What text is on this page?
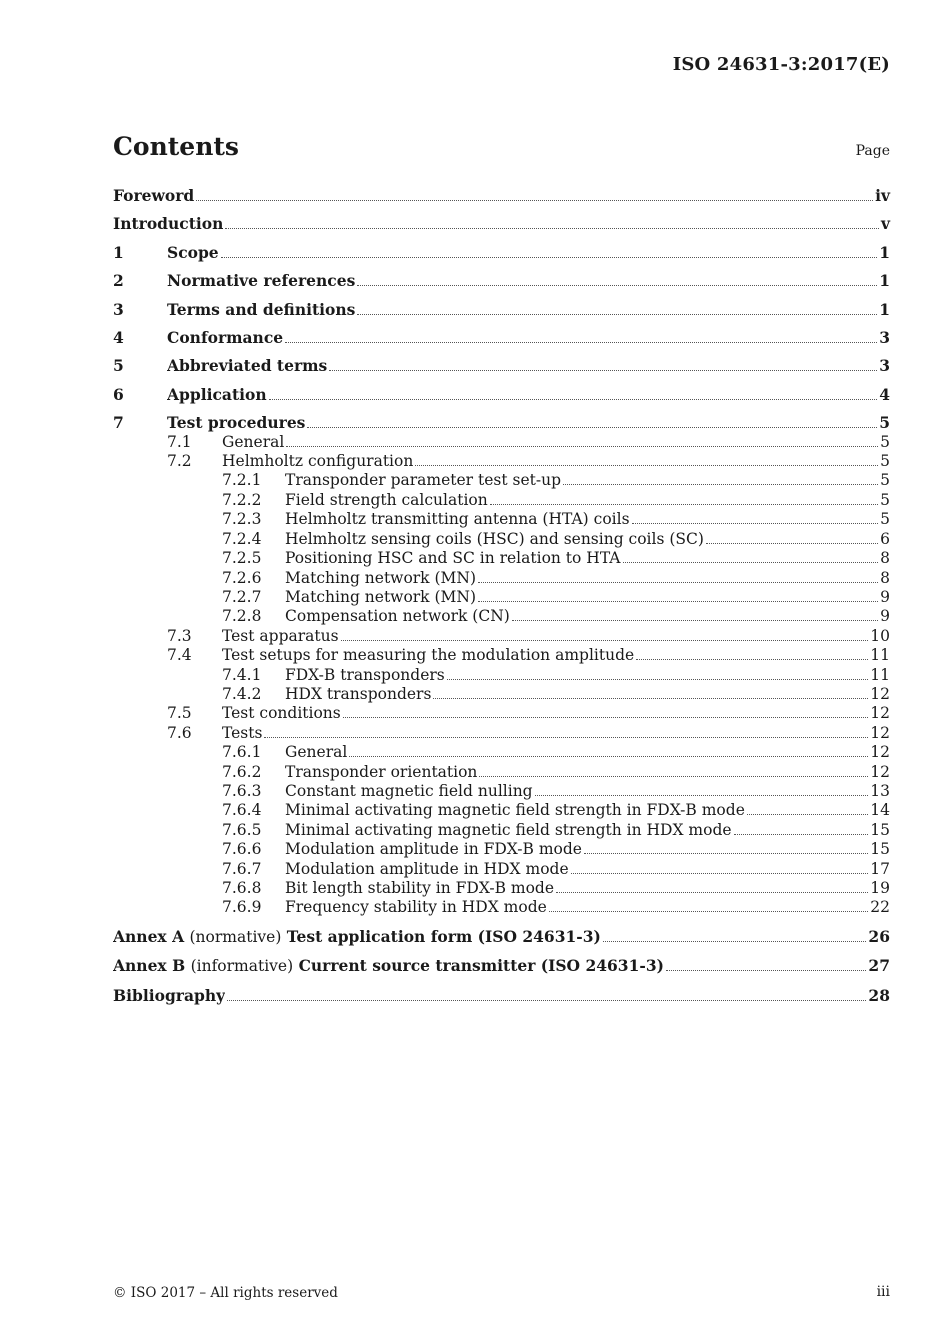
ISO 24631-3:2017(E)
Contents	Page
Foreword	iv
Introduction	v
1	Scope	1
2	Normative references	1
3	Terms and definitions	1
4	Conformance	3
5	Abbreviated terms	3
6	Application	4
7	Test procedures	5
7.1	General	5
7.2	Helmholtz configuration	5
7.2.1	Transponder parameter test set-up	5
7.2.2	Field strength calculation	5
7.2.3	Helmholtz transmitting antenna (HTA) coils	5
7.2.4	Helmholtz sensing coils (HSC) and sensing coils (SC)	6
7.2.5	Positioning HSC and SC in relation to HTA	8
7.2.6	Matching network (MN)	8
7.2.7	Matching network (MN)	9
7.2.8	Compensation network (CN)	9
7.3	Test apparatus	10
7.4	Test setups for measuring the modulation amplitude	11
7.4.1	FDX-B transponders	11
7.4.2	HDX transponders	12
7.5	Test conditions	12
7.6	Tests	12
7.6.1	General	12
7.6.2	Transponder orientation	12
7.6.3	Constant magnetic field nulling	13
7.6.4	Minimal activating magnetic field strength in FDX-B mode	14
7.6.5	Minimal activating magnetic field strength in HDX mode	15
7.6.6	Modulation amplitude in FDX-B mode	15
7.6.7	Modulation amplitude in HDX mode	17
7.6.8	Bit length stability in FDX-B mode	19
7.6.9	Frequency stability in HDX mode	22
Annex A (normative) Test application form (ISO 24631-3)	26
Annex B (informative) Current source transmitter (ISO 24631-3)	27
Bibliography	28
© ISO 2017 – All rights reserved	iii
